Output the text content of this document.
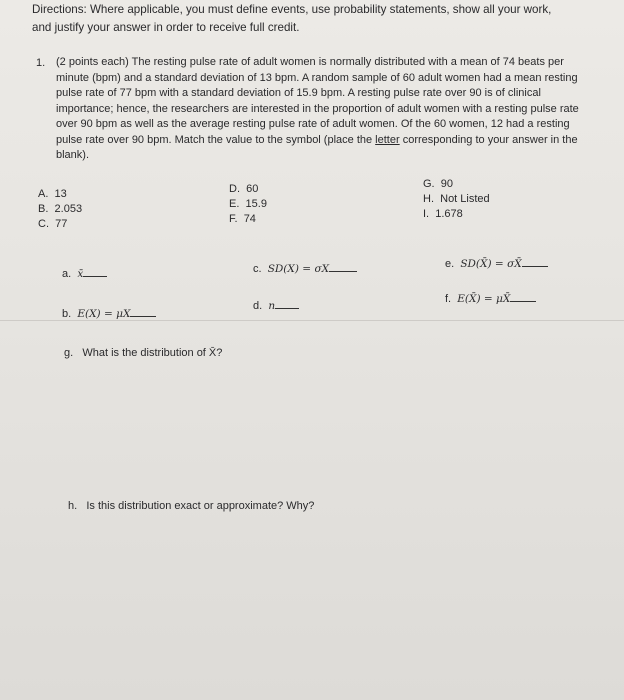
Directions: Where applicable, you must define events, use probability statements, show all your work, and justify your answer in order to receive full credit.
1. (2 points each) The resting pulse rate of adult women is normally distributed with a mean of 74 beats per minute (bpm) and a standard deviation of 13 bpm. A random sample of 60 adult women had a mean resting pulse rate of 77 bpm with a standard deviation of 15.9 bpm. A resting pulse rate over 90 is of clinical importance; hence, the researchers are interested in the proportion of adult women with a resting pulse rate over 90 bpm as well as the average resting pulse rate of adult women. Of the 60 women, 12 had a resting pulse rate over 90 bpm. Match the value to the symbol (place the letter corresponding to your answer in the blank).
A. 13
B. 2.053
C. 77
D. 60
E. 15.9
F. 74
G. 90
H. Not Listed
I. 1.678
a. x̄	c. SD(X) = σX	e. SD(X̄) = σX̄
b. E(X) = μX
d. n
f. E(X̄) = μX̄
g. What is the distribution of X̄?
h. Is this distribution exact or approximate? Why?
